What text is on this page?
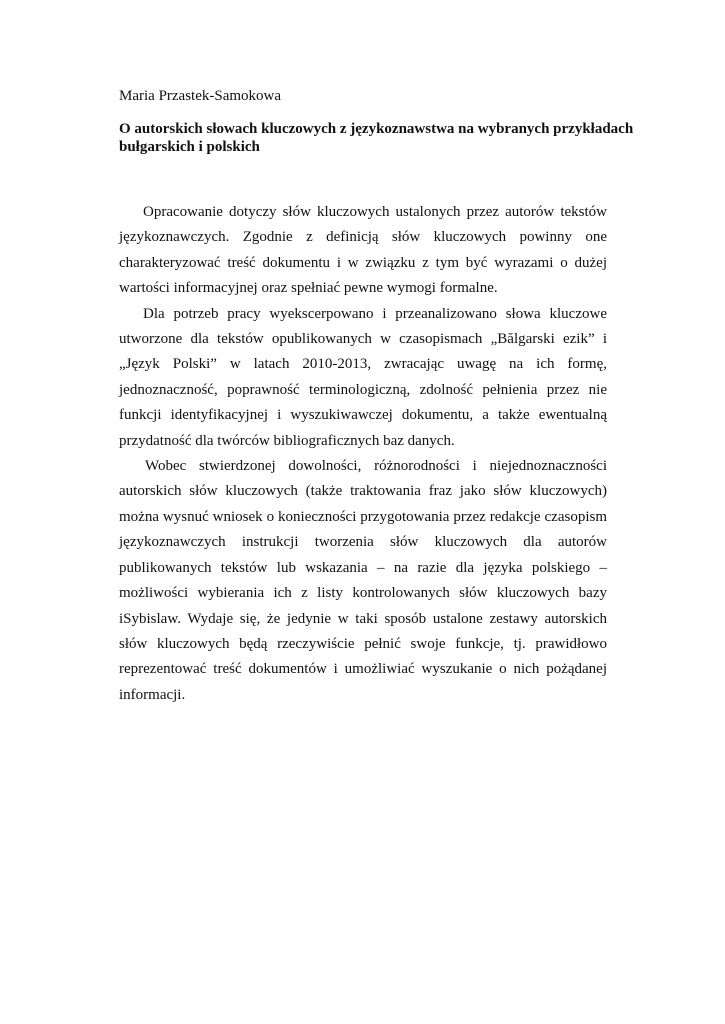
Maria Przastek-Samokowa

O autorskich słowach kluczowych z językoznawstwa na wybranych przykładach bułgarskich i polskich

Opracowanie dotyczy słów kluczowych ustalonych przez autorów tekstów językoznawczych. Zgodnie z definicją słów kluczowych powinny one charakteryzować treść dokumentu i w związku z tym być wyrazami o dużej wartości informacyjnej oraz spełniać pewne wymogi formalne.

Dla potrzeb pracy wyekscerpowano i przeanalizowano słowa kluczowe utworzone dla tekstów opublikowanych w czasopismach „Bălgarski ezik” i „Język Polski” w latach 2010-2013, zwracając uwagę na ich formę, jednoznaczność, poprawność terminologiczną, zdolność pełnienia przez nie funkcji identyfikacyjnej i wyszukiwawczej dokumentu, a także ewentualną przydatność dla twórców bibliograficznych baz danych.

Wobec stwierdzonej dowolności, różnorodności i niejednoznaczności autorskich słów kluczowych (także traktowania fraz jako słów kluczowych) można wysnuć wniosek o konieczności przygotowania przez redakcje czasopism językoznawczych instrukcji tworzenia słów kluczowych dla autorów publikowanych tekstów lub wskazania – na razie dla języka polskiego – możliwości wybierania ich z listy kontrolowanych słów kluczowych bazy iSybislaw. Wydaje się, że jedynie w taki sposób ustalone zestawy autorskich słów kluczowych będą rzeczywiście pełnić swoje funkcje, tj. prawidłowo reprezentować treść dokumentów i umożliwiać wyszukanie o nich pożądanej informacji.
